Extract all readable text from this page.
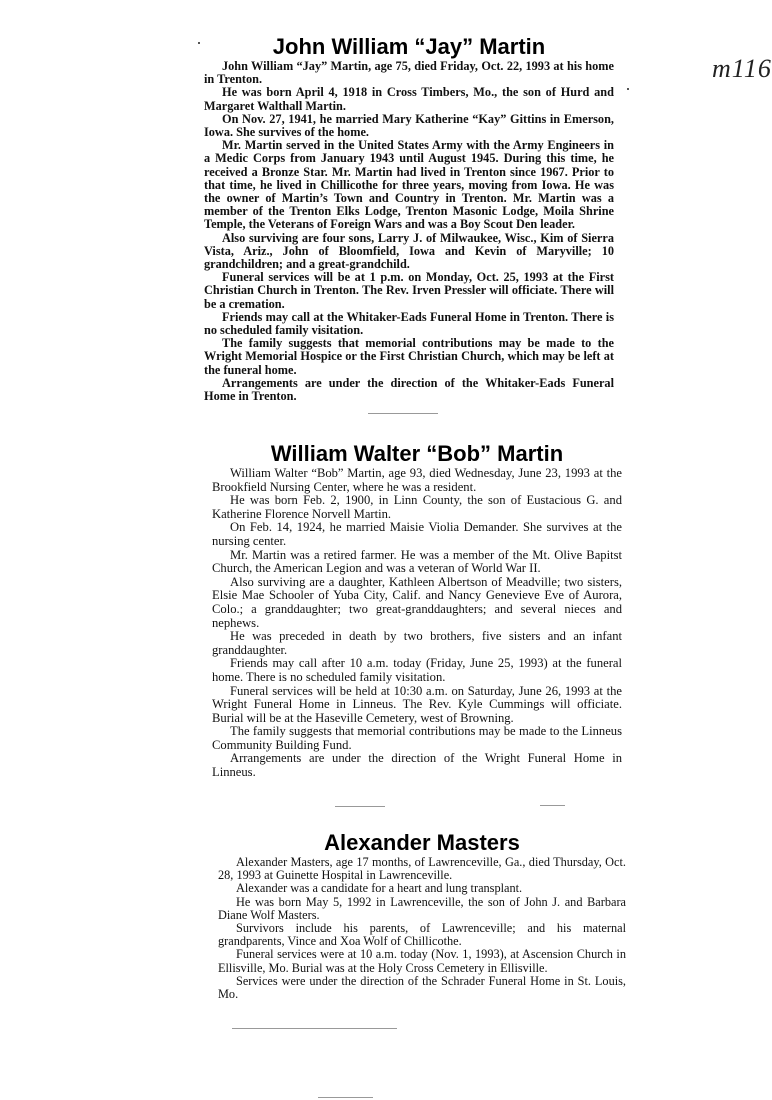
m116
John William “Jay” Martin

John William “Jay” Martin, age 75, died Friday, Oct. 22, 1993 at his home in Trenton.

He was born April 4, 1918 in Cross Timbers, Mo., the son of Hurd and Margaret Walthall Martin.

On Nov. 27, 1941, he married Mary Katherine “Kay” Gittins in Emerson, Iowa. She survives of the home.

Mr. Martin served in the United States Army with the Army Engineers in a Medic Corps from January 1943 until August 1945. During this time, he received a Bronze Star. Mr. Martin had lived in Trenton since 1967. Prior to that time, he lived in Chillicothe for three years, moving from Iowa. He was the owner of Martin’s Town and Country in Trenton. Mr. Martin was a member of the Trenton Elks Lodge, Trenton Masonic Lodge, Moila Shrine Temple, the Veterans of Foreign Wars and was a Boy Scout Den leader.

Also surviving are four sons, Larry J. of Milwaukee, Wisc., Kim of Sierra Vista, Ariz., John of Bloomfield, Iowa and Kevin of Maryville; 10 grandchildren; and a great-grandchild.

Funeral services will be at 1 p.m. on Monday, Oct. 25, 1993 at the First Christian Church in Trenton. The Rev. Irven Pressler will officiate. There will be a cremation.

Friends may call at the Whitaker-Eads Funeral Home in Trenton. There is no scheduled family visitation.

The family suggests that memorial contributions may be made to the Wright Memorial Hospice or the First Christian Church, which may be left at the funeral home.

Arrangements are under the direction of the Whitaker-Eads Funeral Home in Trenton.

William Walter “Bob” Martin

William Walter “Bob” Martin, age 93, died Wednesday, June 23, 1993 at the Brookfield Nursing Center, where he was a resident.

He was born Feb. 2, 1900, in Linn County, the son of Eustacious G. and Katherine Florence Norvell Martin.

On Feb. 14, 1924, he married Maisie Violia Demander. She survives at the nursing center.

Mr. Martin was a retired farmer. He was a member of the Mt. Olive Bapitst Church, the American Legion and was a veteran of World War II.

Also surviving are a daughter, Kathleen Albertson of Meadville; two sisters, Elsie Mae Schooler of Yuba City, Calif. and Nancy Genevieve Eve of Aurora, Colo.; a granddaughter; two great-granddaughters; and several nieces and nephews.

He was preceded in death by two brothers, five sisters and an infant granddaughter.

Friends may call after 10 a.m. today (Friday, June 25, 1993) at the funeral home. There is no scheduled family visitation.

Funeral services will be held at 10:30 a.m. on Saturday, June 26, 1993 at the Wright Funeral Home in Linneus. The Rev. Kyle Cummings will officiate. Burial will be at the Haseville Cemetery, west of Browning.

The family suggests that memorial contributions may be made to the Linneus Community Building Fund.

Arrangements are under the direction of the Wright Funeral Home in Linneus.

Alexander Masters

Alexander Masters, age 17 months, of Lawrenceville, Ga., died Thursday, Oct. 28, 1993 at Guinette Hospital in Lawrenceville.

Alexander was a candidate for a heart and lung transplant.

He was born May 5, 1992 in Lawrenceville, the son of John J. and Barbara Diane Wolf Masters.

Survivors include his parents, of Lawrenceville; and his maternal grandparents, Vince and Xoa Wolf of Chillicothe.

Funeral services were at 10 a.m. today (Nov. 1, 1993), at Ascension Church in Ellisville, Mo. Burial was at the Holy Cross Cemetery in Ellisville.

Services were under the direction of the Schrader Funeral Home in St. Louis, Mo.
